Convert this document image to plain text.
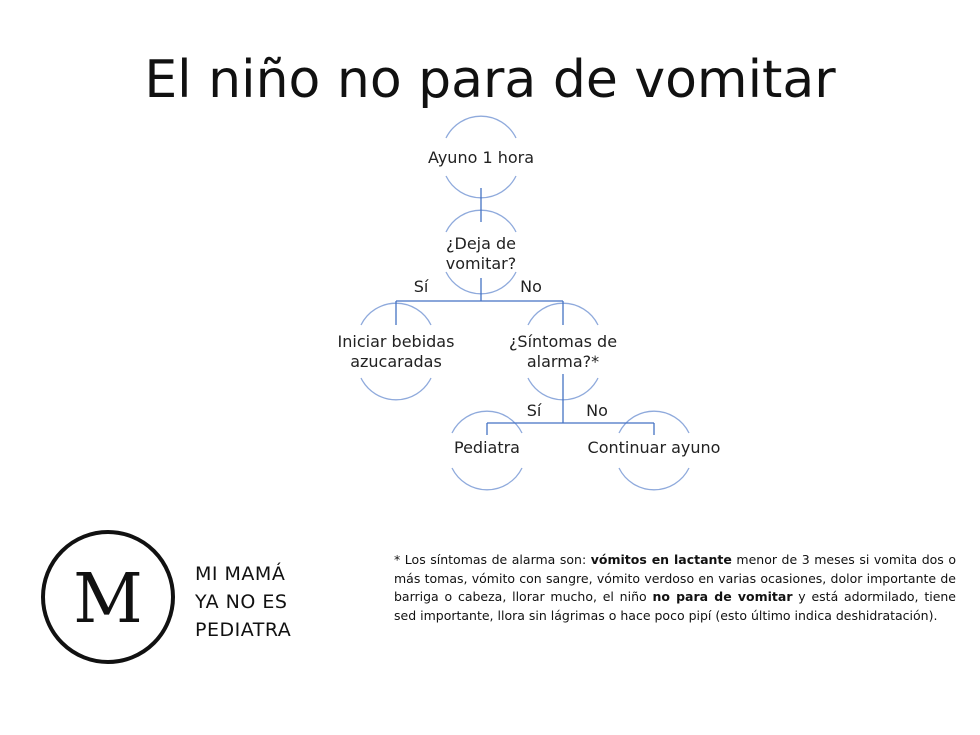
El niño no para de vomitar
Ayuno 1 hora
¿Deja de
vomitar?
Sí	No
Iniciar bebidas
azucaradas
¿Síntomas de
alarma?*
Sí	No
Pediatra	Continuar ayuno
M	MI MAMÁ
YA NO ES
PEDIATRA
* Los síntomas de alarma son: vómitos en lactante menor de 3 meses si vomita dos o más tomas, vómito con sangre, vómito verdoso en varias ocasiones, dolor importante de barriga o cabeza, llorar mucho, el niño no para de vomitar y está adormilado, tiene sed importante, llora sin lágrimas o hace poco pipí (esto último indica deshidratación).
